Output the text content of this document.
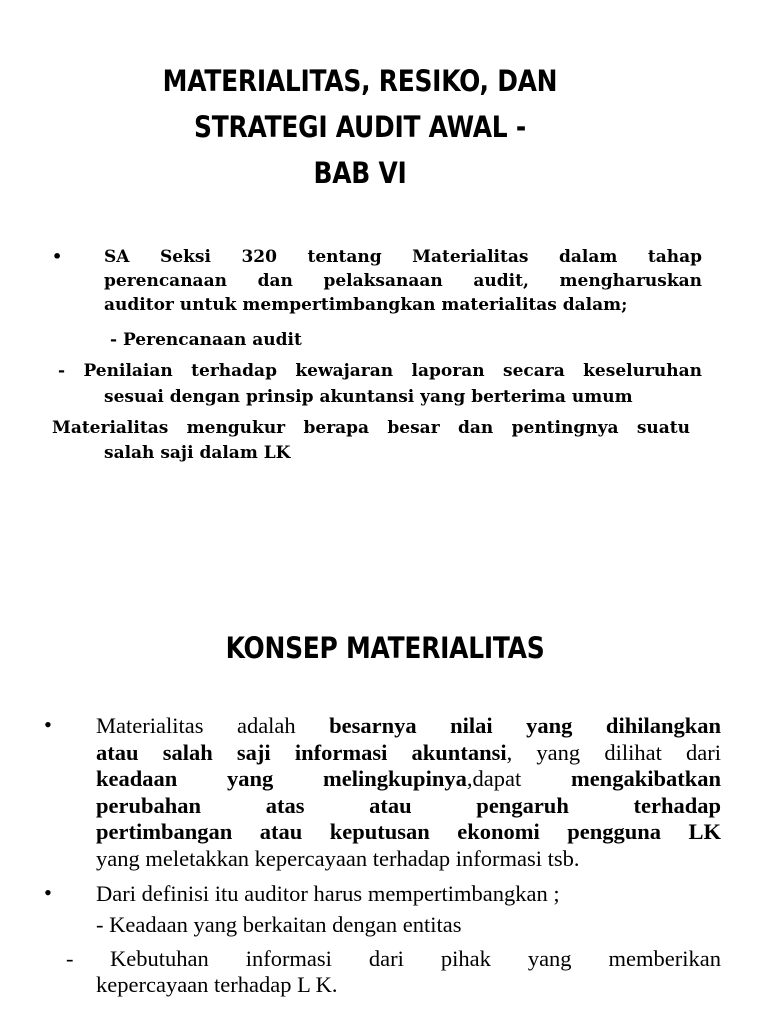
MATERIALITAS, RESIKO, DAN
STRATEGI AUDIT AWAL -
BAB VI
• SA Seksi 320 tentang Materialitas dalam tahap
perencanaan dan pelaksanaan audit, mengharuskan
auditor untuk mempertimbangkan materialitas dalam;
- Perencanaan audit
- Penilaian terhadap kewajaran laporan secara keseluruhan
sesuai dengan prinsip akuntansi yang berterima umum
Materialitas mengukur berapa besar dan pentingnya suatu
salah saji dalam LK
KONSEP MATERIALITAS
• Materialitas adalah besarnya nilai yang dihilangkan
atau salah saji informasi akuntansi, yang dilihat dari
keadaan yang melingkupinya,dapat mengakibatkan
perubahan atas atau pengaruh terhadap
pertimbangan atau keputusan ekonomi pengguna LK
yang meletakkan kepercayaan terhadap informasi tsb.
• Dari definisi itu auditor harus mempertimbangkan ;
- Keadaan yang berkaitan dengan entitas
- Kebutuhan informasi dari pihak yang memberikan
kepercayaan terhadap L K.
